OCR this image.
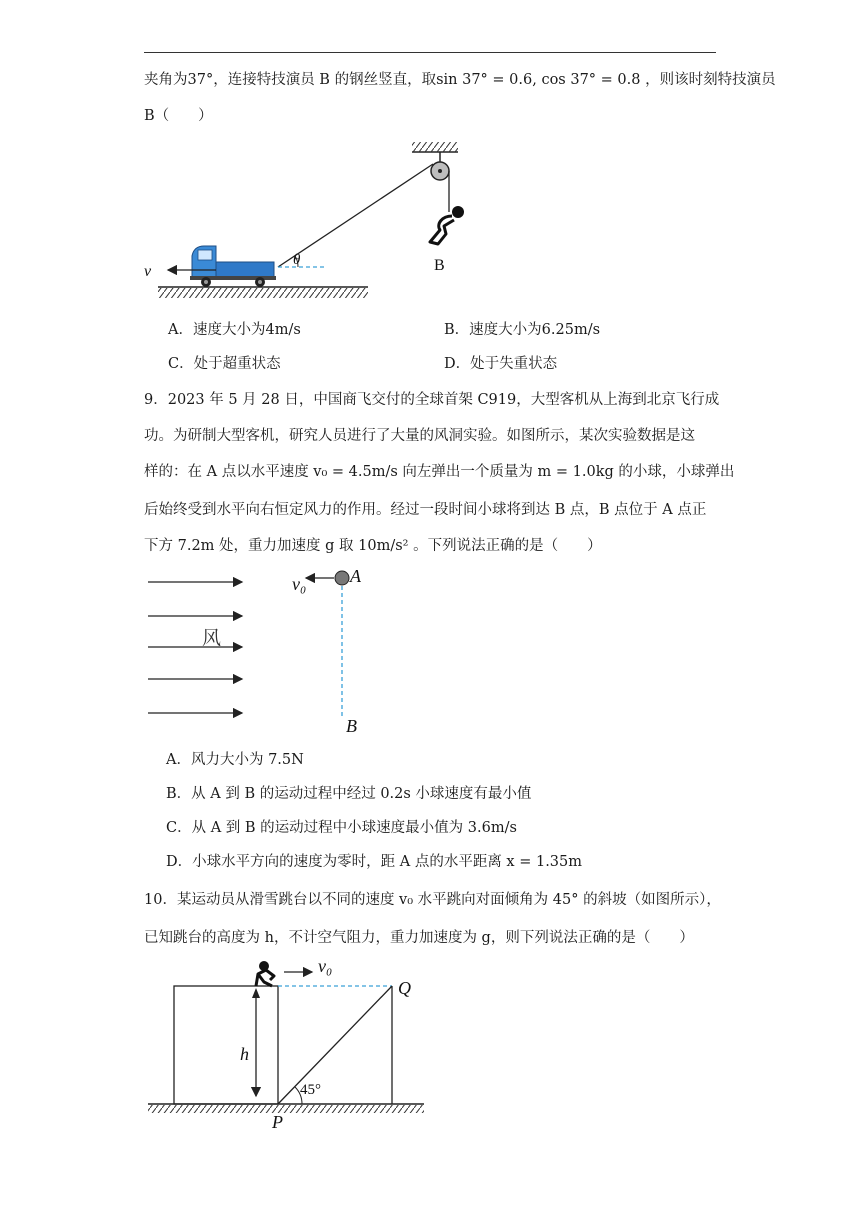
夹角为37°，连接特技演员 B 的钢丝竖直，取sin 37° = 0.6, cos 37° = 0.8 ，则该时刻特技演员
B（　　）
B
θ
v
A．速度大小为4m/s	B．速度大小为6.25m/s
C．处于超重状态	D．处于失重状态
9．2023 年 5 月 28 日，中国商飞交付的全球首架 C919，大型客机从上海到北京飞行成
功。为研制大型客机，研究人员进行了大量的风洞实验。如图所示，某次实验数据是这
样的：在 A 点以水平速度 v₀ = 4.5m/s 向左弹出一个质量为 m = 1.0kg 的小球，小球弹出
后始终受到水平向右恒定风力的作用。经过一段时间小球将到达 B 点，B 点位于 A 点正
下方 7.2m 处，重力加速度 g 取 10m/s² 。下列说法正确的是（　　）
风
v₀ A
B
A．风力大小为 7.5N
B．从 A 到 B 的运动过程中经过 0.2s 小球速度有最小值
C．从 A 到 B 的运动过程中小球速度最小值为 3.6m/s
D．小球水平方向的速度为零时，距 A 点的水平距离 x = 1.35m
10．某运动员从滑雪跳台以不同的速度 v₀ 水平跳向对面倾角为 45° 的斜坡（如图所示），
已知跳台的高度为 h，不计空气阻力，重力加速度为 g，则下列说法正确的是（　　）
v₀
45°
Q
h
P
